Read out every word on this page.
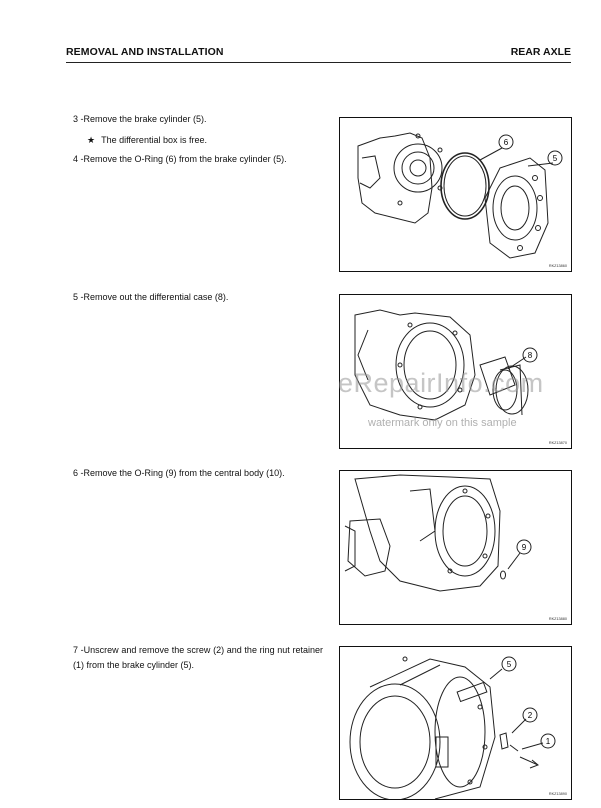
REMOVAL AND INSTALLATION	REAR AXLE
3 -Remove the brake cylinder (5).
★ The differential box is free.
4 -Remove the O-Ring (6) from the brake cylinder (5).
5 -Remove out the differential case (8).
6 -Remove the O-Ring (9) from the central body (10).
7 -Unscrew and remove the screw (2) and the ring nut retainer (1) from the brake cylinder (5).
6
5
RKZ13860
8
RKZ13870
9
RKZ13880
5
2
1
RKZ13890
eRepairInfo.com
watermark only on this sample
